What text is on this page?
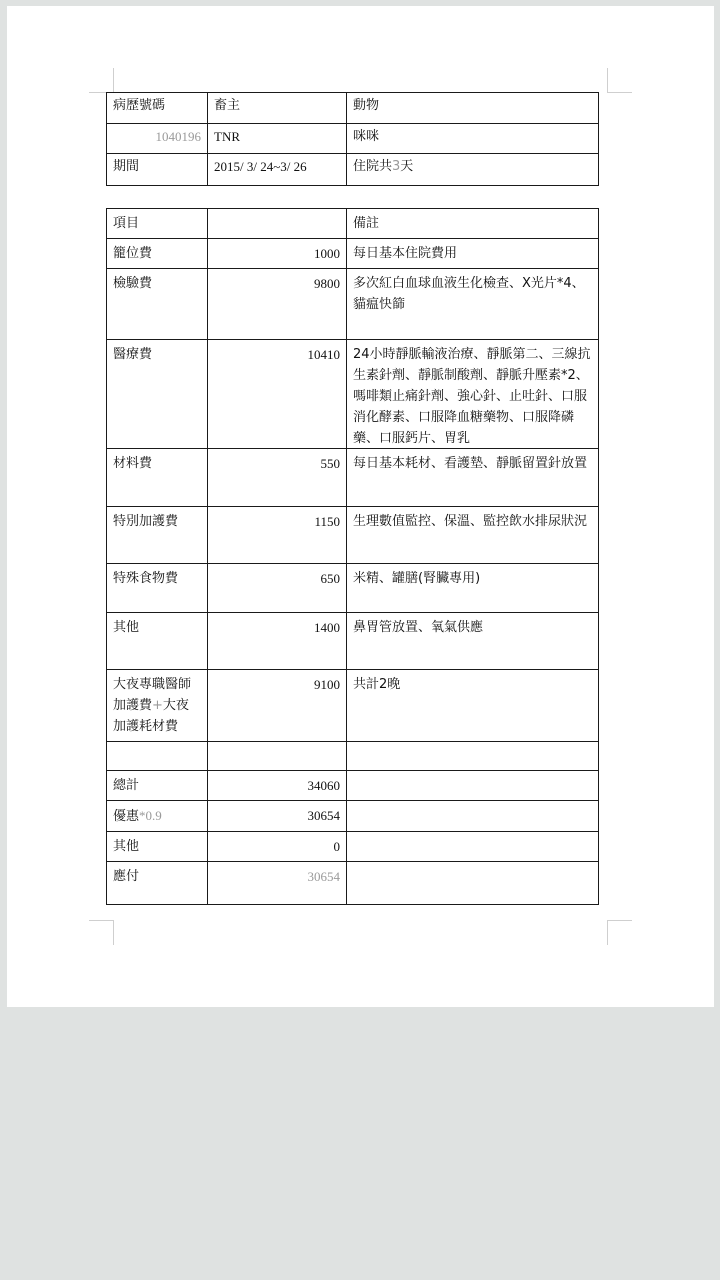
病歷號碼	畜主	動物
1040196	TNR	咪咪
期間	2015/ 3/ 24~3/ 26	住院共3天
項目		備註
籠位費	1000	每日基本住院費用
檢驗費	9800	多次紅白血球血液生化檢查、X光片*4、貓瘟快篩
醫療費	10410	24小時靜脈輸液治療、靜脈第二、三線抗生素針劑、靜脈制酸劑、靜脈升壓素*2、嗎啡類止痛針劑、強心針、止吐針、口服消化酵素、口服降血糖藥物、口服降磷藥、口服鈣片、胃乳

材料費	550	每日基本耗材、看護墊、靜脈留置針放置
特別加護費	1150	生理數值監控、保溫、監控飲水排尿狀況
特殊食物費	650	米精、罐膳(腎臟專用)
其他	1400	鼻胃管放置、氧氣供應
大夜專職醫師加護費+大夜加護耗材費	9100	共計2晚

總計	34060	
優惠*0.9	30654	
其他	0	
應付	30654	
